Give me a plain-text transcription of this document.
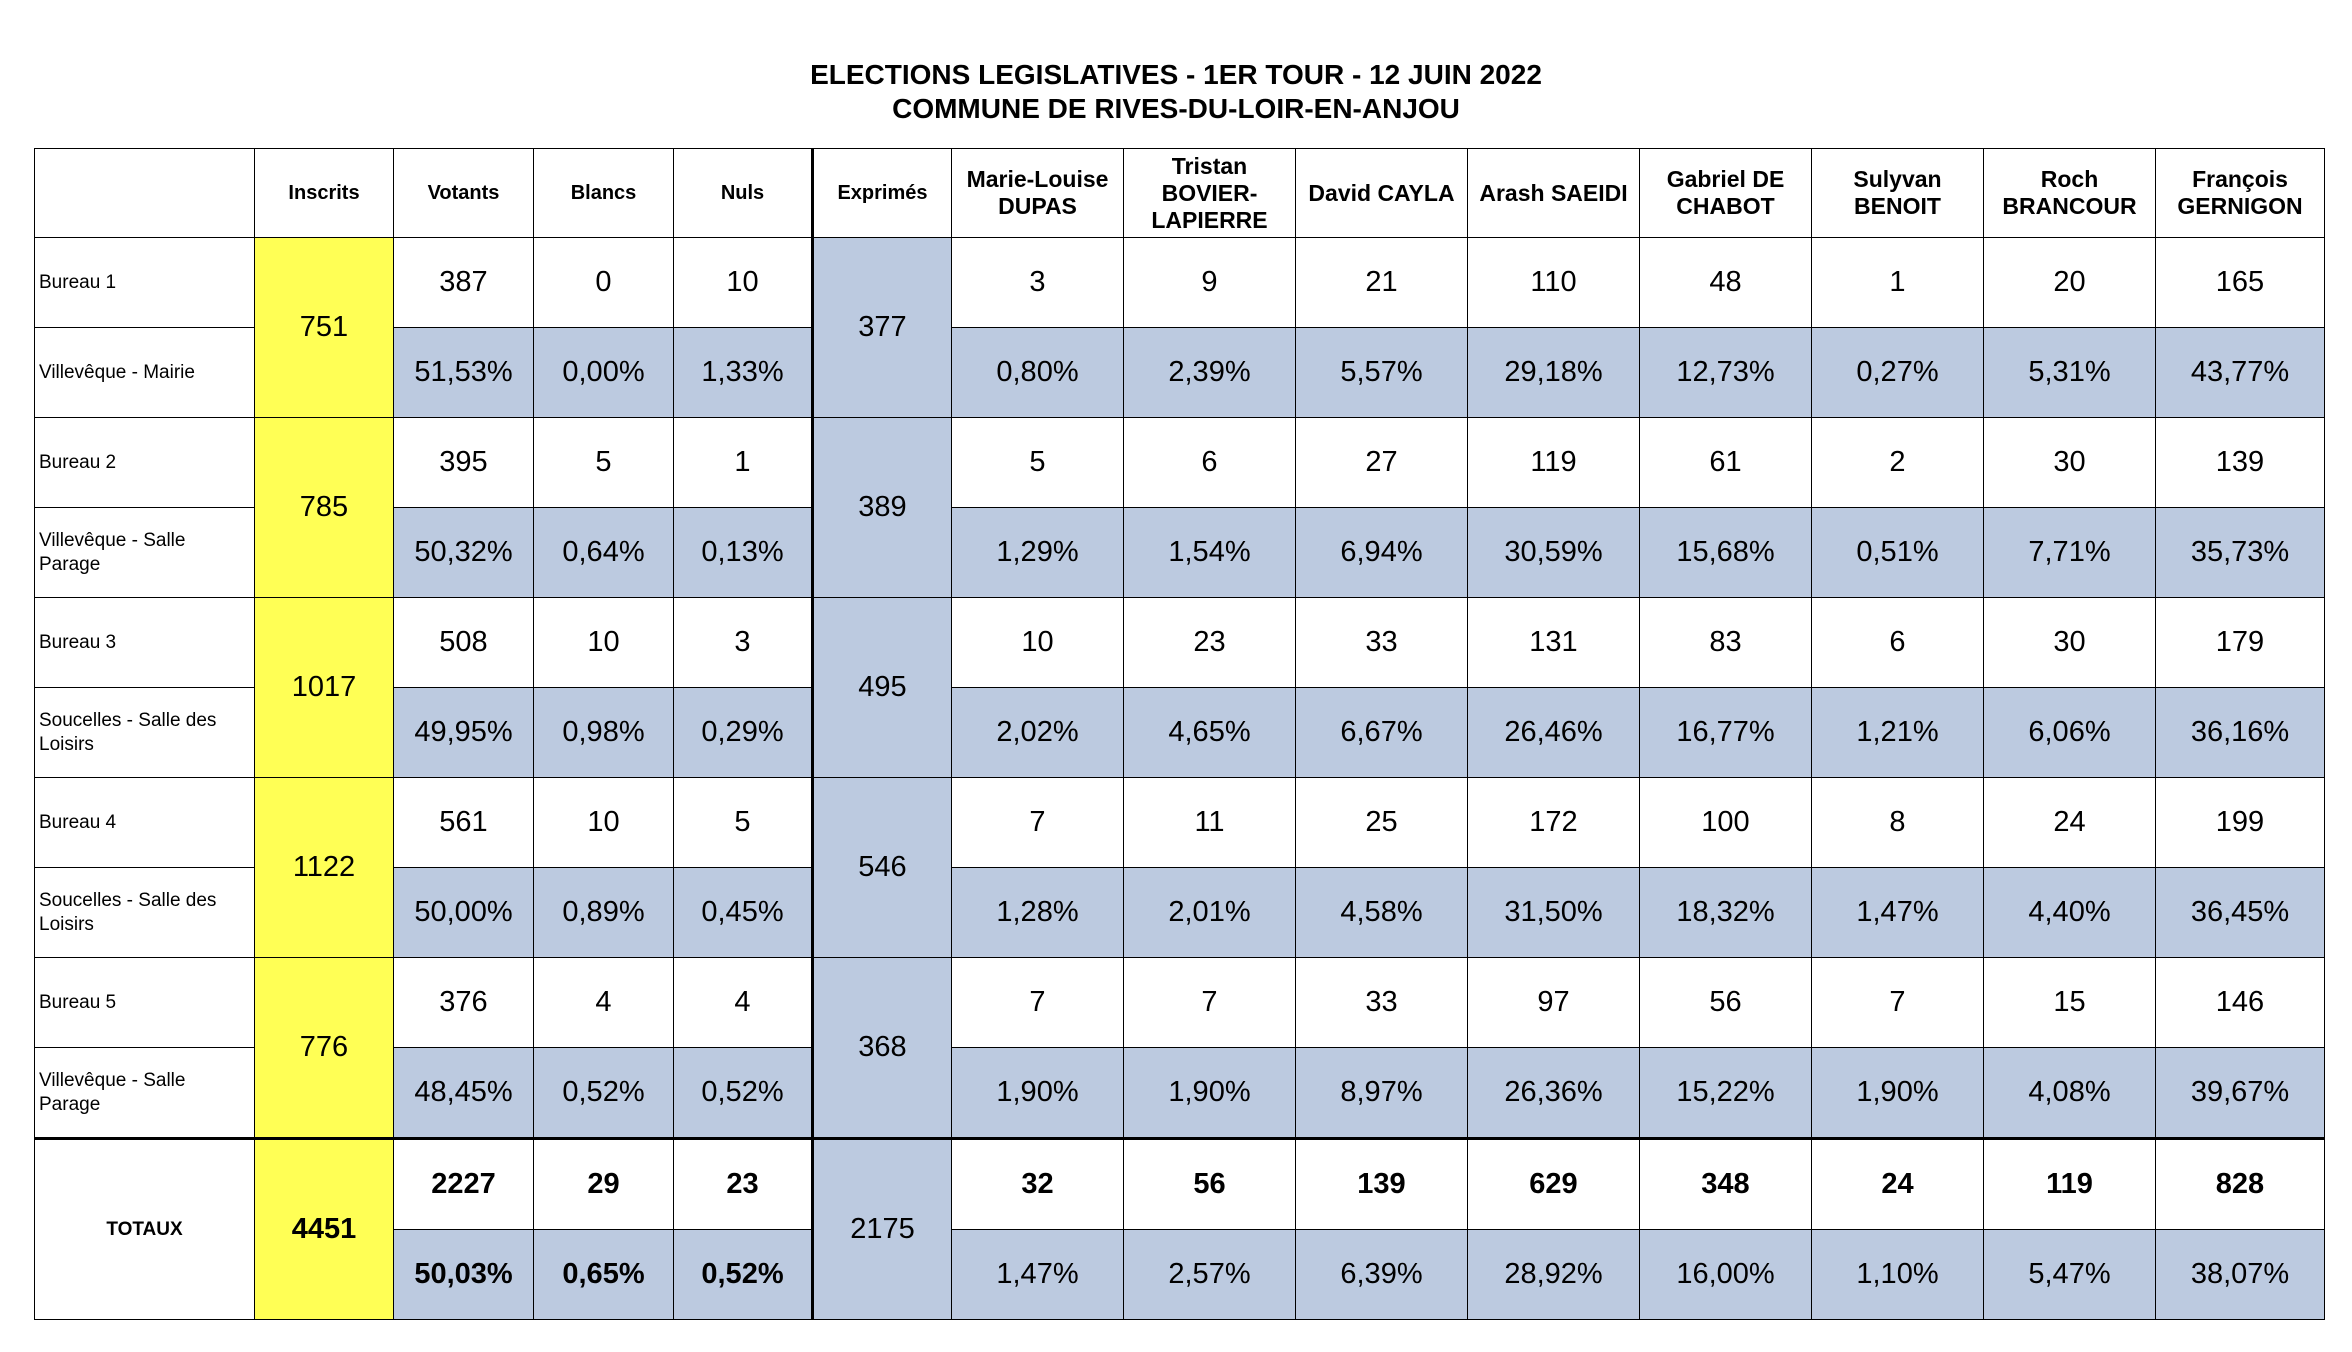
ELECTIONS LEGISLATIVES - 1ER TOUR - 12 JUIN 2022
COMMUNE DE RIVES-DU-LOIR-EN-ANJOU
	Inscrits	Votants	Blancs	Nuls	Exprimés	Marie-Louise
DUPAS	Tristan
BOVIER-
LAPIERRE	David CAYLA	Arash SAEIDI	Gabriel DE
CHABOT	Sulyvan
BENOIT	Roch
BRANCOUR	François
GERNIGON
Bureau 1	751	387	0	10	377	3	9	21	110	48	1	20	165
Villevêque - Mairie		51,53%	0,00%	1,33%		0,80%	2,39%	5,57%	29,18%	12,73%	0,27%	5,31%	43,77%
Bureau 2	785	395	5	1	389	5	6	27	119	61	2	30	139
Villevêque - Salle
Parage		50,32%	0,64%	0,13%		1,29%	1,54%	6,94%	30,59%	15,68%	0,51%	7,71%	35,73%
Bureau 3	1017	508	10	3	495	10	23	33	131	83	6	30	179
Soucelles - Salle des
Loisirs		49,95%	0,98%	0,29%		2,02%	4,65%	6,67%	26,46%	16,77%	1,21%	6,06%	36,16%
Bureau 4	1122	561	10	5	546	7	11	25	172	100	8	24	199
Soucelles - Salle des
Loisirs		50,00%	0,89%	0,45%		1,28%	2,01%	4,58%	31,50%	18,32%	1,47%	4,40%	36,45%
Bureau 5	776	376	4	4	368	7	7	33	97	56	7	15	146
Villevêque - Salle
Parage		48,45%	0,52%	0,52%		1,90%	1,90%	8,97%	26,36%	15,22%	1,90%	4,08%	39,67%
TOTAUX	4451	2227	29	23	2175	32	56	139	629	348	24	119	828
		50,03%	0,65%	0,52%		1,47%	2,57%	6,39%	28,92%	16,00%	1,10%	5,47%	38,07%
